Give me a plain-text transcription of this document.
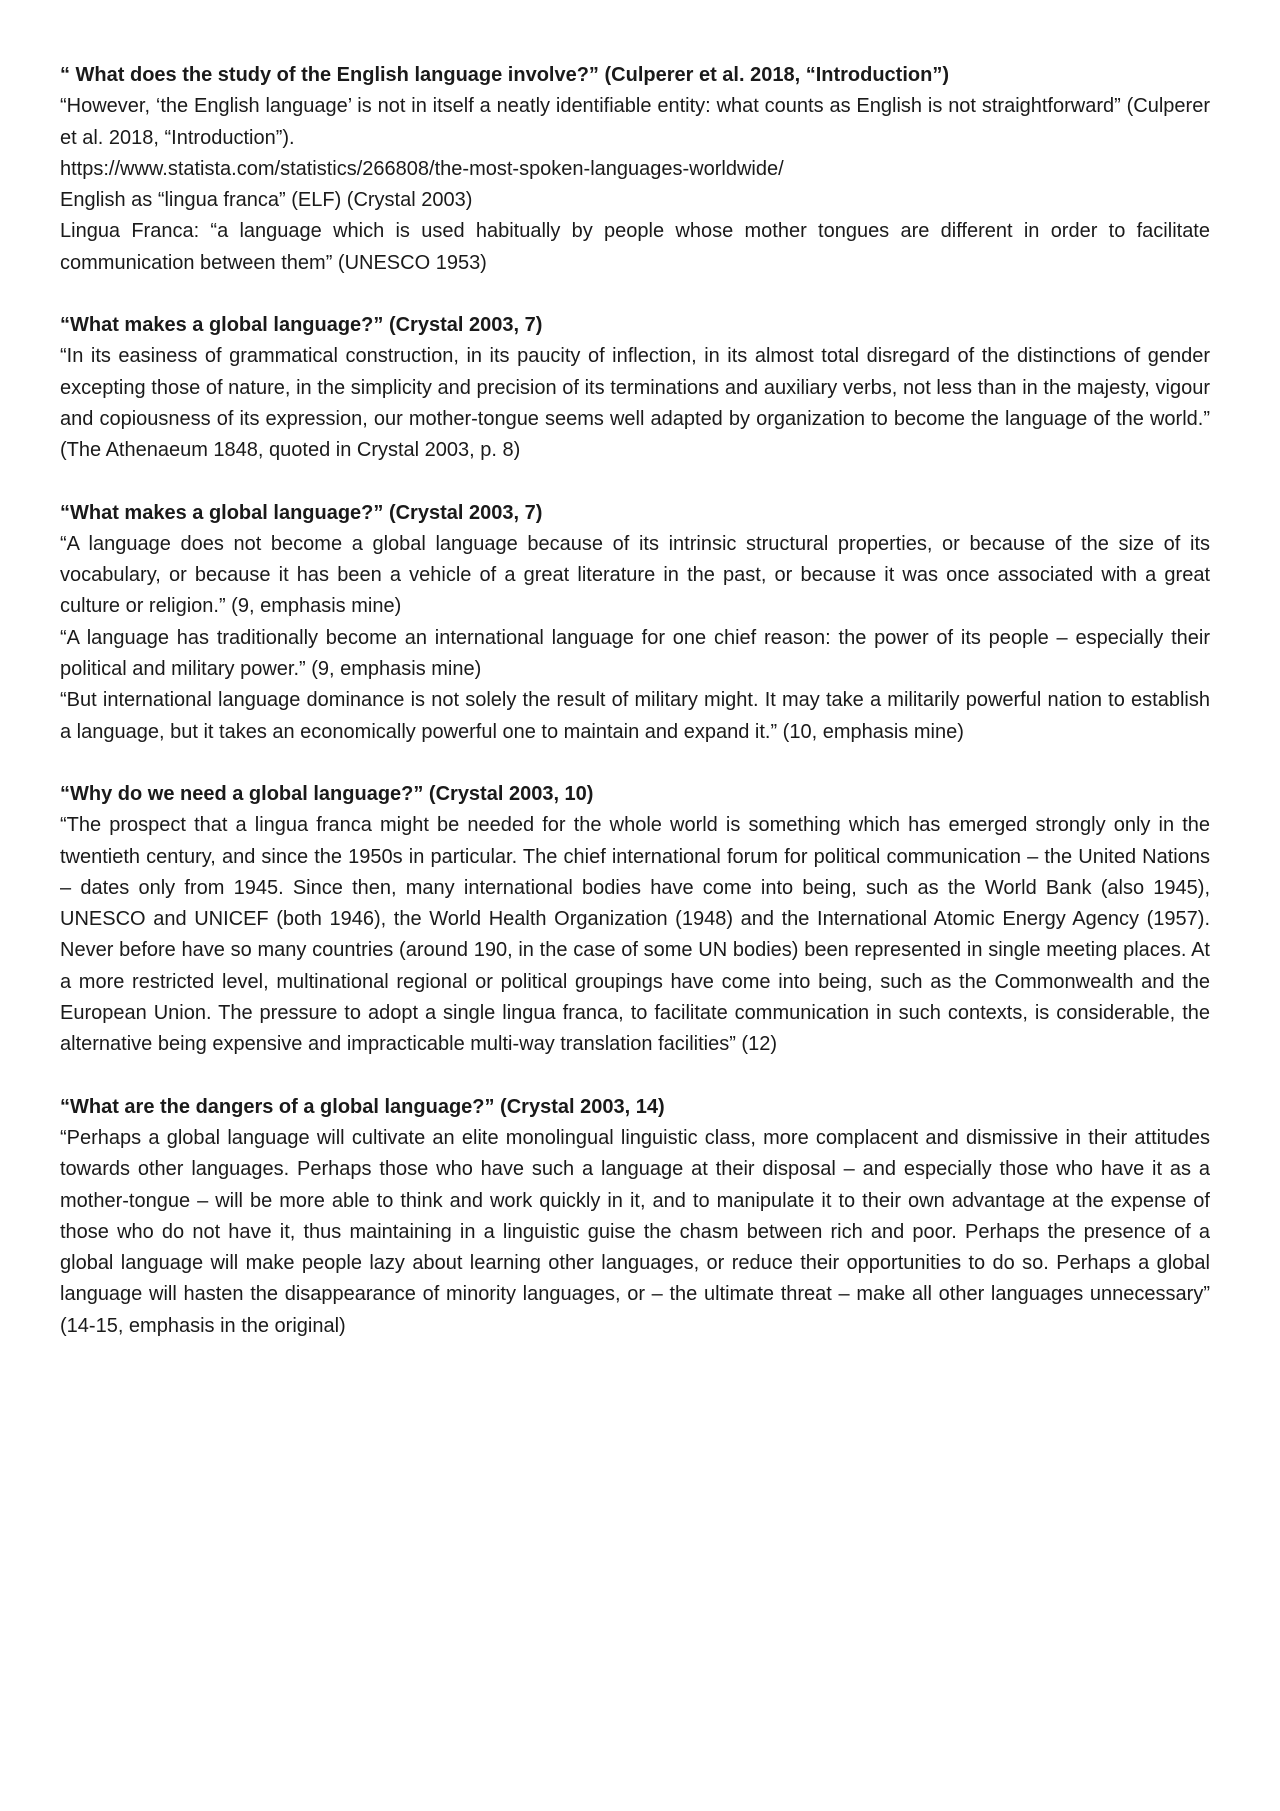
“ What does the study of the English language involve?” (Culperer et al. 2018, “Introduction”)

“However, ‘the English language’ is not in itself a neatly identifiable entity: what counts as English is not straightforward” (Culperer et al. 2018, “Introduction”).

https://www.statista.com/statistics/266808/the-most-spoken-languages-worldwide/

English as “lingua franca” (ELF) (Crystal 2003)

Lingua Franca: “a language which is used habitually by people whose mother tongues are different in order to facilitate communication between them” (UNESCO 1953)

“What makes a global language?” (Crystal 2003, 7)

“In its easiness of grammatical construction, in its paucity of inflection, in its almost total disregard of the distinctions of gender excepting those of nature, in the simplicity and precision of its terminations and auxiliary verbs, not less than in the majesty, vigour and copiousness of its expression, our mother-tongue seems well adapted by organization to become the language of the world.” (The Athenaeum 1848, quoted in Crystal 2003, p. 8)

“What makes a global language?” (Crystal 2003, 7)

“A language does not become a global language because of its intrinsic structural properties, or because of the size of its vocabulary, or because it has been a vehicle of a great literature in the past, or because it was once associated with a great culture or religion.” (9, emphasis mine)

“A language has traditionally become an international language for one chief reason: the power of its people – especially their political and military power.” (9, emphasis mine)

“But international language dominance is not solely the result of military might. It may take a militarily powerful nation to establish a language, but it takes an economically powerful one to maintain and expand it.” (10, emphasis mine)

“Why do we need a global language?” (Crystal 2003, 10)

“The prospect that a lingua franca might be needed for the whole world is something which has emerged strongly only in the twentieth century, and since the 1950s in particular. The chief international forum for political communication – the United Nations – dates only from 1945. Since then, many international bodies have come into being, such as the World Bank (also 1945), UNESCO and UNICEF (both 1946), the World Health Organization (1948) and the International Atomic Energy Agency (1957). Never before have so many countries (around 190, in the case of some UN bodies) been represented in single meeting places. At a more restricted level, multinational regional or political groupings have come into being, such as the Commonwealth and the European Union. The pressure to adopt a single lingua franca, to facilitate communication in such contexts, is considerable, the alternative being expensive and impracticable multi-way translation facilities” (12)

“What are the dangers of a global language?” (Crystal 2003, 14)

“Perhaps a global language will cultivate an elite monolingual linguistic class, more complacent and dismissive in their attitudes towards other languages. Perhaps those who have such a language at their disposal – and especially those who have it as a mother-tongue – will be more able to think and work quickly in it, and to manipulate it to their own advantage at the expense of those who do not have it, thus maintaining in a linguistic guise the chasm between rich and poor. Perhaps the presence of a global language will make people lazy about learning other languages, or reduce their opportunities to do so. Perhaps a global language will hasten the disappearance of minority languages, or – the ultimate threat – make all other languages unnecessary” (14-15, emphasis in the original)
